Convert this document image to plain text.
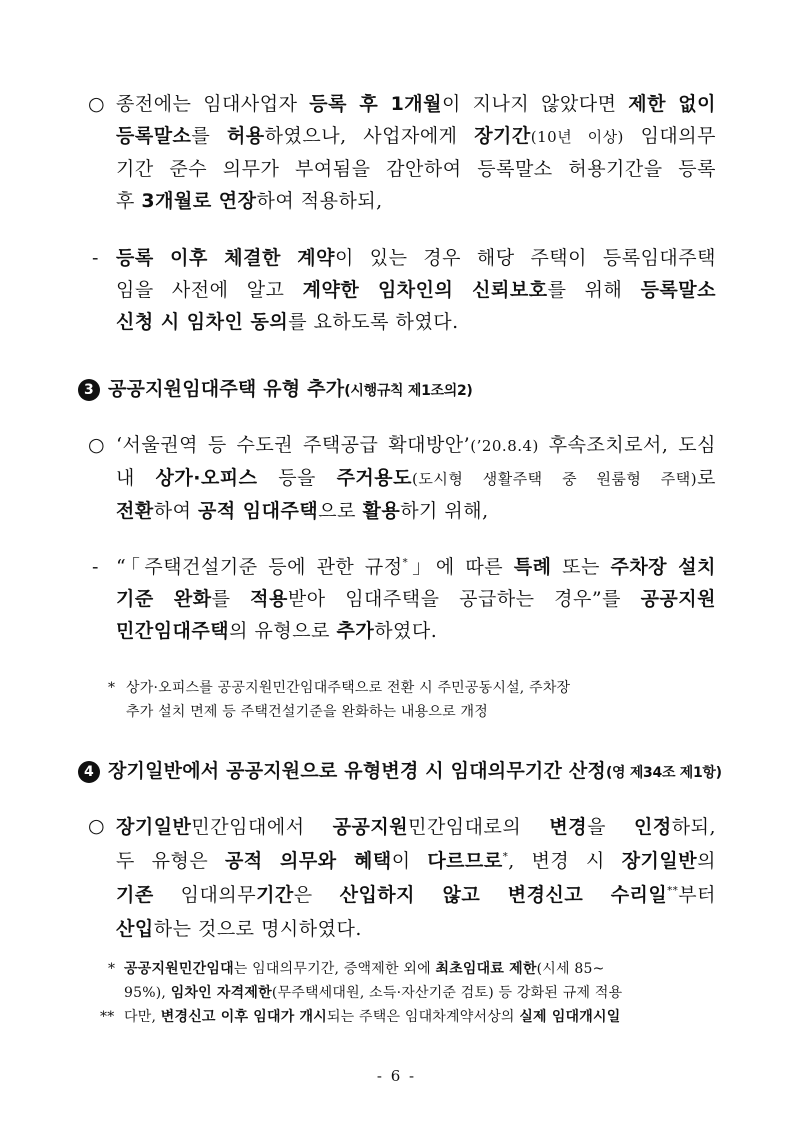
○ 종전에는 임대사업자 등록 후 1개월이 지나지 않았다면 제한 없이
등록말소를 허용하였으나, 사업자에게 장기간(10년 이상) 임대의무
기간 준수 의무가 부여됨을 감안하여 등록말소 허용기간을 등록
후 3개월로 연장하여 적용하되,
- 등록 이후 체결한 계약이 있는 경우 해당 주택이 등록임대주택
임을 사전에 알고 계약한 임차인의 신뢰보호를 위해 등록말소
신청 시 임차인 동의를 요하도록 하였다.
3 공공지원임대주택 유형 추가(시행규칙 제1조의2)
○ ‘서울권역 등 수도권 주택공급 확대방안’(’20.8.4) 후속조치로서, 도심
내 상가·오피스 등을 주거용도(도시형 생활주택 중 원룸형 주택)로
전환하여 공적 임대주택으로 활용하기 위해,
- “「주택건설기준 등에 관한 규정*」에 따른 특례 또는 주차장 설치
기준 완화를 적용받아 임대주택을 공급하는 경우”를 공공지원
민간임대주택의 유형으로 추가하였다.
* 상가·오피스를 공공지원민간임대주택으로 전환 시 주민공동시설, 주차장
추가 설치 면제 등 주택건설기준을 완화하는 내용으로 개정
4 장기일반에서 공공지원으로 유형변경 시 임대의무기간 산정(영 제34조 제1항)
○ 장기일반민간임대에서 공공지원민간임대로의 변경을 인정하되,
두 유형은 공적 의무와 혜택이 다르므로*, 변경 시 장기일반의
기존 임대의무기간은 산입하지 않고 변경신고 수리일**부터
산입하는 것으로 명시하였다.
* 공공지원민간임대는 임대의무기간, 증액제한 외에 최초임대료 제한(시세 85~
95%), 임차인 자격제한(무주택세대원, 소득·자산기준 검토) 등 강화된 규제 적용
** 다만, 변경신고 이후 임대가 개시되는 주택은 임대차계약서상의 실제 임대개시일
- 6 -
